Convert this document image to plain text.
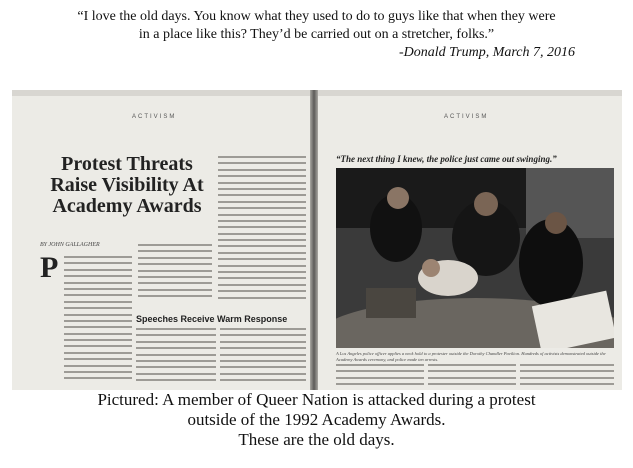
“I love the old days. You know what they used to do to guys like that when they were
in a place like this? They’d be carried out on a stretcher, folks.”
-Donald Trump, March 7, 2016
ACTIVISM
Protest Threats Raise Visibility At Academy Awards
BY JOHN GALLAGHER
P
Speeches Receive Warm Response
ACTIVISM
“The next thing I knew, the police just came out swinging.”
A Los Angeles police officer applies a neck hold to a protester outside the Dorothy Chandler Pavilion. Hundreds of activists demonstrated outside the Academy Awards ceremony, and police made ten arrests.
Pictured: A member of Queer Nation is attacked during a protest
outside of the 1992 Academy Awards.
These are the old days.
